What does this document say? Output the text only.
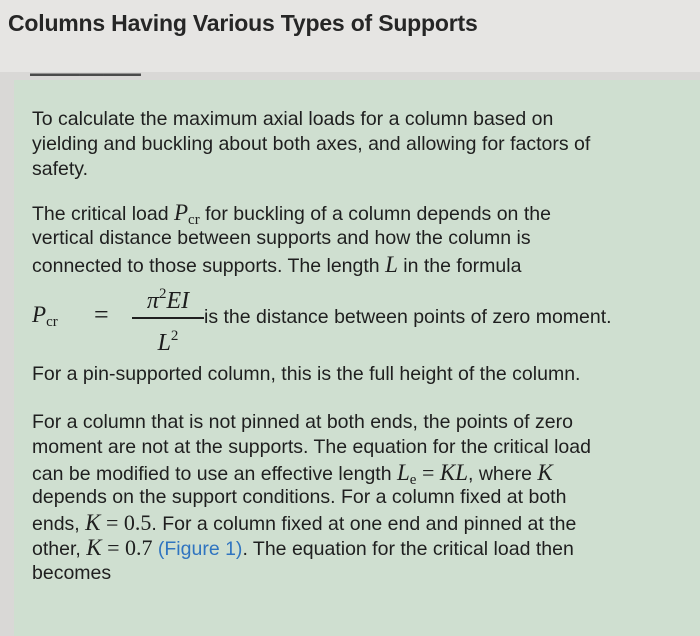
Columns Having Various Types of Supports
▁▁▁▁▁▁▁▁▁
To calculate the maximum axial loads for a column based on
yielding and buckling about both axes, and allowing for factors of
safety.
The critical load $P_{cr}$ for buckling of a column depends on the
vertical distance between supports and how the column is
connected to those supports. The length L in the formula
$P_{cr}$ =	$\pi^2EI$
$L^2$
is the distance between points of zero moment.
For a pin-supported column, this is the full height of the column.
For a column that is not pinned at both ends, the points of zero
moment are not at the supports. The equation for the critical load
can be modified to use an effective length $L_e$ = KL, where K
depends on the support conditions. For a column fixed at both
ends, K = 0.5. For a column fixed at one end and pinned at the
other, K = 0.7 (Figure 1). The equation for the critical load then
becomes
